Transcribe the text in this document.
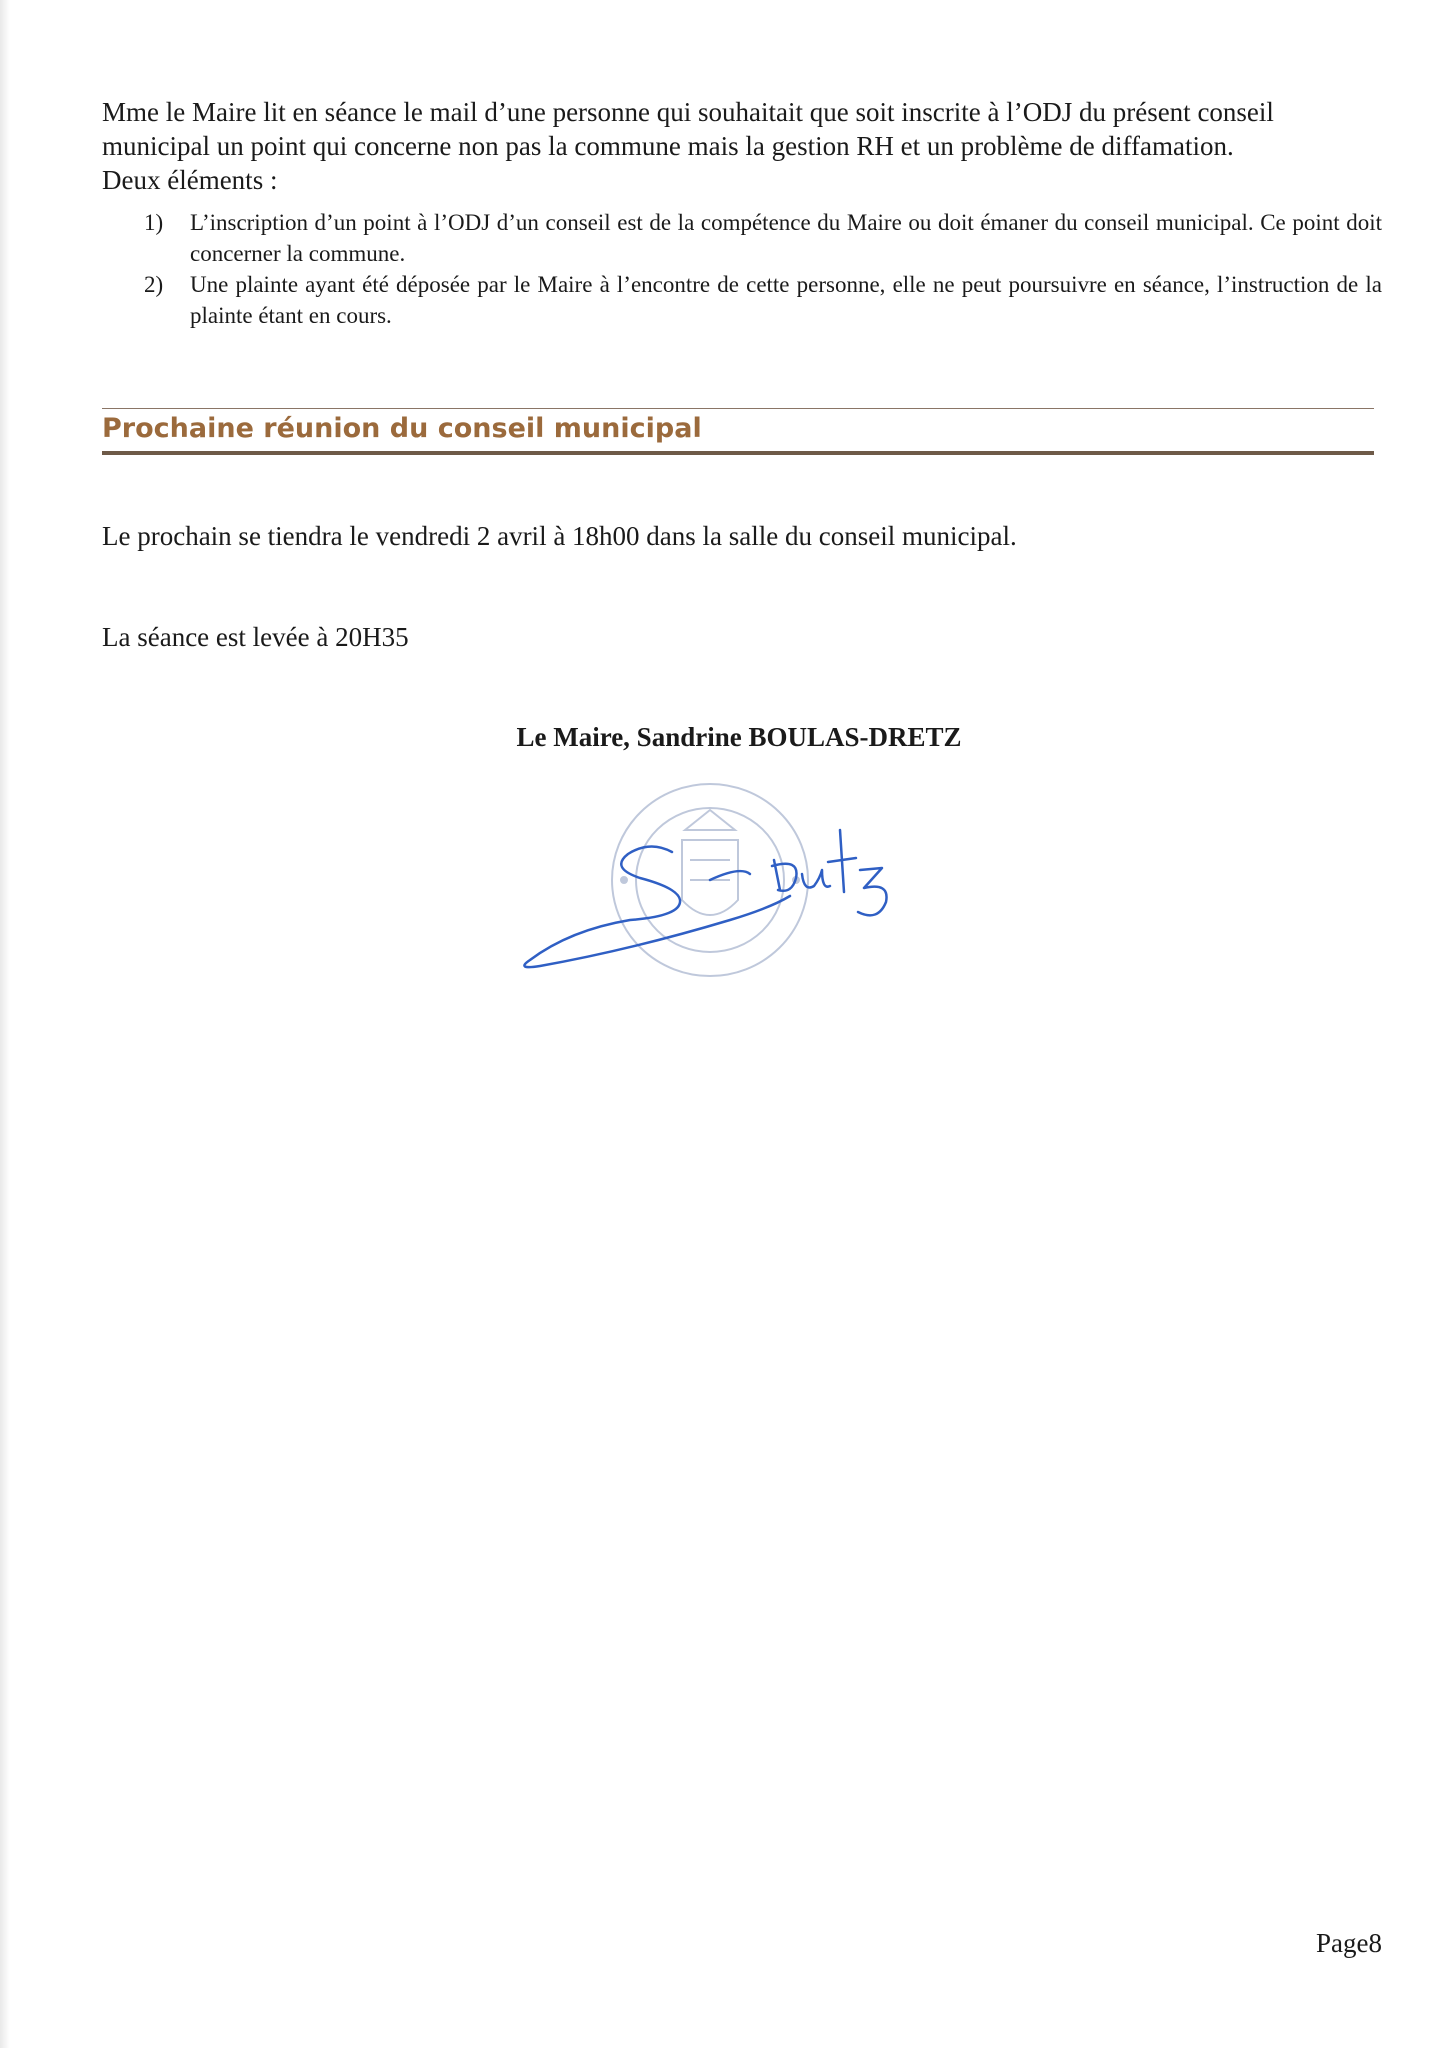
Mme le Maire lit en séance le mail d’une personne qui souhaitait que soit inscrite à l’ODJ du présent conseil municipal un point qui concerne non pas la commune mais la gestion RH et un problème de diffamation.
Deux éléments :
1) L’inscription d’un point à l’ODJ d’un conseil est de la compétence du Maire ou doit émaner du conseil municipal. Ce point doit concerner la commune.
2) Une plainte ayant été déposée par le Maire à l’encontre de cette personne, elle ne peut poursuivre en séance, l’instruction de la plainte étant en cours.
Prochaine réunion du conseil municipal

Le prochain se tiendra le vendredi 2 avril à 18h00 dans la salle du conseil municipal.

La séance est levée à 20H35

Le Maire, Sandrine BOULAS-DRETZ

Page8
